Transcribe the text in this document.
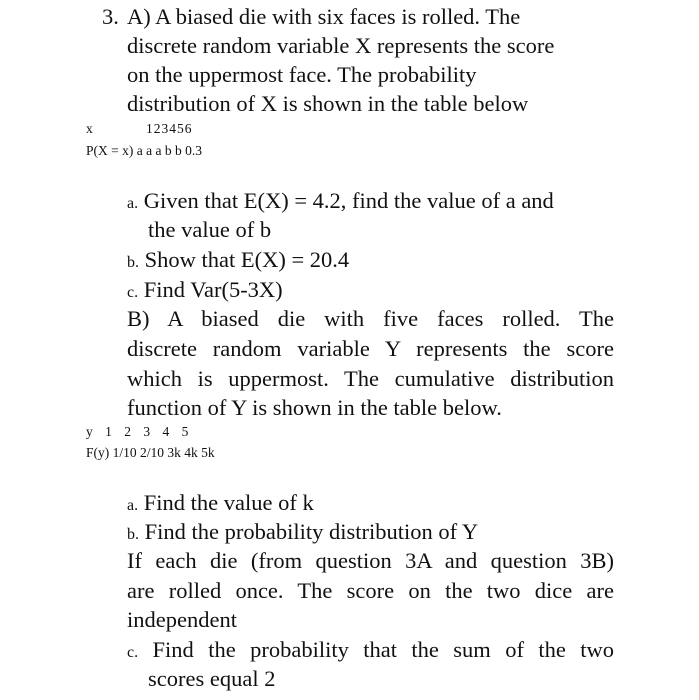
3. A) A biased die with six faces is rolled. The
discrete random variable X represents the score
on the uppermost face. The probability
distribution of X is shown in the table below
x	123456
P(X = x) a a a b b 0.3
a. Given that E(X) = 4.2, find the value of a and
the value of b
b. Show that E(X) = 20.4
c. Find Var(5-3X)
B) A biased die with five faces rolled. The
discrete random variable Y represents the score
which is uppermost. The cumulative distribution
function of Y is shown in the table below.
y 1 2 3 4 5
F(y) 1/10 2/10 3k 4k 5k
a. Find the value of k
b. Find the probability distribution of Y
If each die (from question 3A and question 3B)
are rolled once. The score on the two dice are
independent
c. Find the probability that the sum of the two
scores equal 2
